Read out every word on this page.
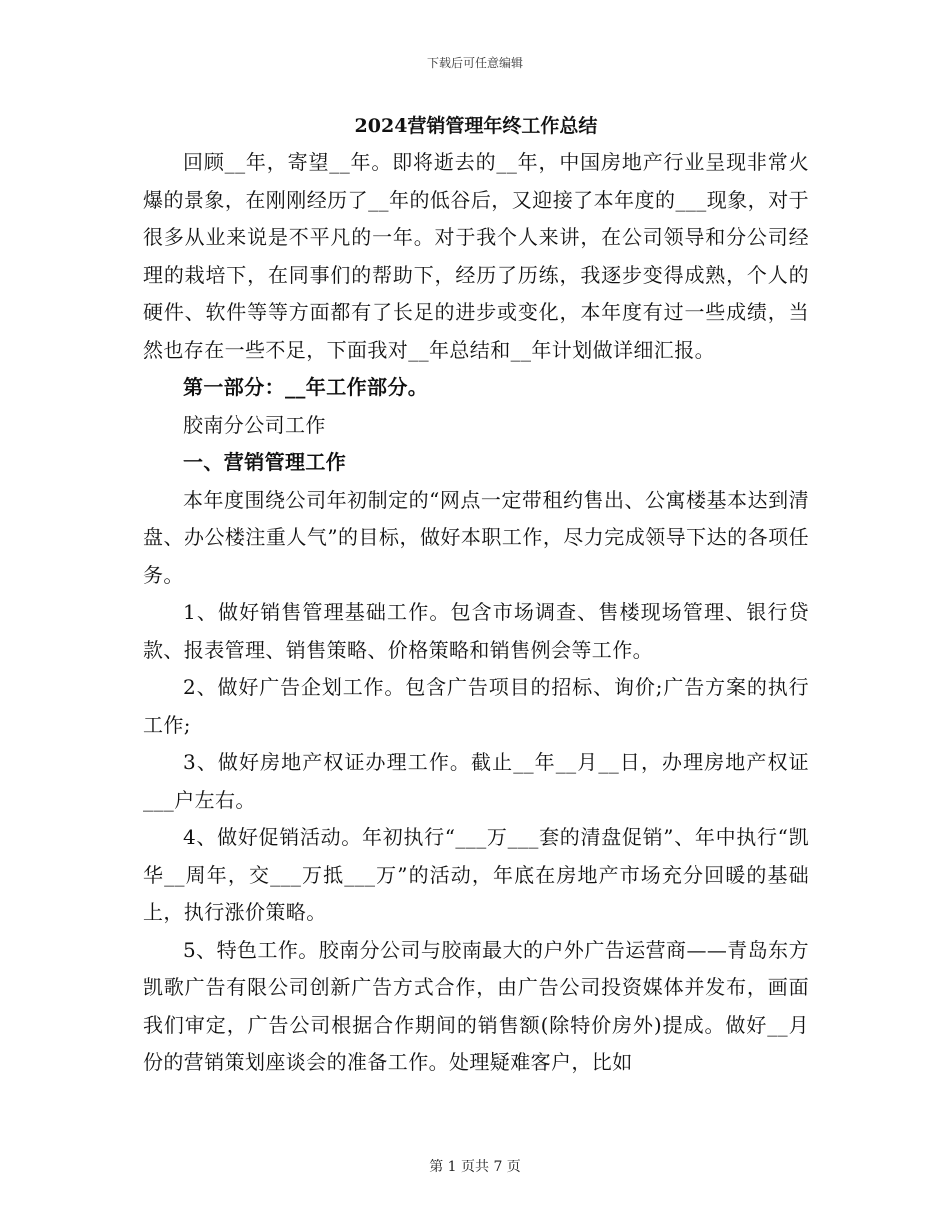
下载后可任意编辑
2024营销管理年终工作总结

回顾__年，寄望__年。即将逝去的__年，中国房地产行业呈现非常火爆的景象，在刚刚经历了__年的低谷后，又迎接了本年度的___现象，对于很多从业来说是不平凡的一年。对于我个人来讲，在公司领导和分公司经理的栽培下，在同事们的帮助下，经历了历练，我逐步变得成熟，个人的硬件、软件等等方面都有了长足的进步或变化，本年度有过一些成绩，当然也存在一些不足，下面我对__年总结和__年计划做详细汇报。

第一部分：__年工作部分。

胶南分公司工作

一、营销管理工作

本年度围绕公司年初制定的“网点一定带租约售出、公寓楼基本达到清盘、办公楼注重人气”的目标，做好本职工作，尽力完成领导下达的各项任务。

1、做好销售管理基础工作。包含市场调查、售楼现场管理、银行贷款、报表管理、销售策略、价格策略和销售例会等工作。

2、做好广告企划工作。包含广告项目的招标、询价;广告方案的执行工作;

3、做好房地产权证办理工作。截止__年__月__日，办理房地产权证___户左右。

4、做好促销活动。年初执行“___万___套的清盘促销”、年中执行“凯华__周年，交___万抵___万”的活动，年底在房地产市场充分回暖的基础上，执行涨价策略。

5、特色工作。胶南分公司与胶南最大的户外广告运营商——青岛东方凯歌广告有限公司创新广告方式合作，由广告公司投资媒体并发布，画面我们审定，广告公司根据合作期间的销售额(除特价房外)提成。做好__月份的营销策划座谈会的准备工作。处理疑难客户，比如

第 1 页共 7 页
